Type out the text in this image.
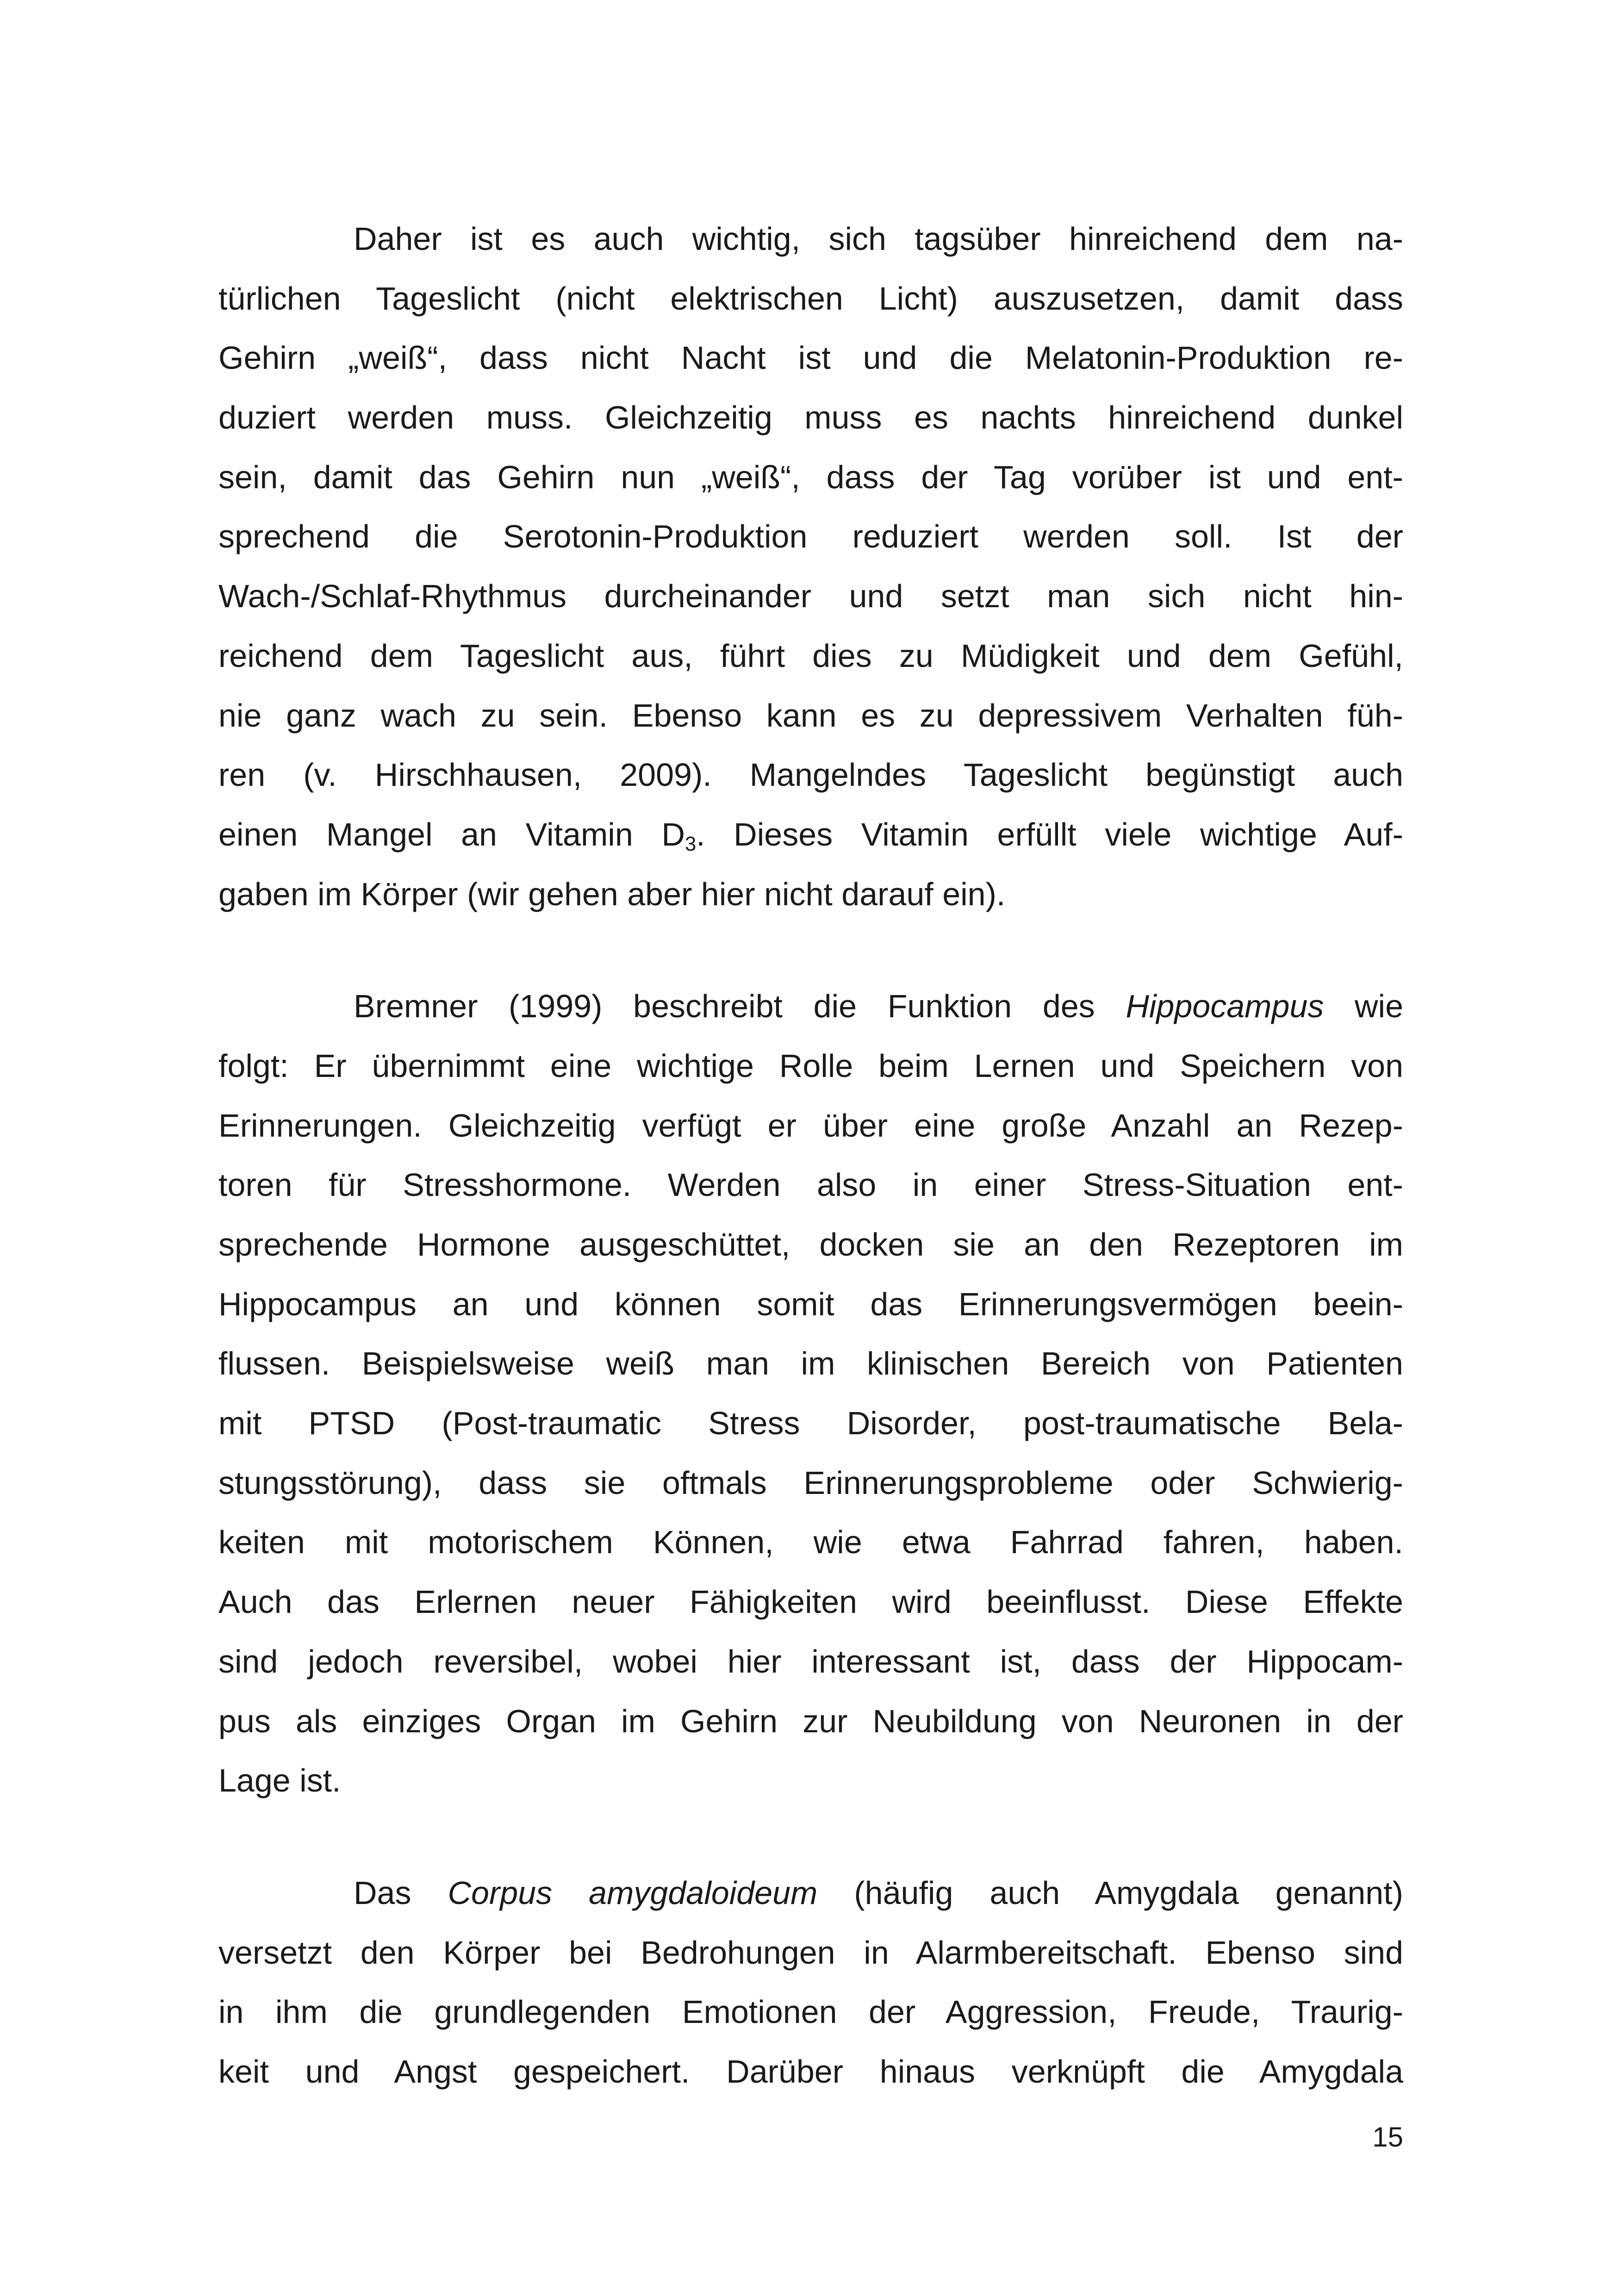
Daher ist es auch wichtig, sich tagsüber hinreichend dem na-
türlichen Tageslicht (nicht elektrischen Licht) auszusetzen, damit dass
Gehirn „weiß“, dass nicht Nacht ist und die Melatonin-Produktion re-
duziert werden muss. Gleichzeitig muss es nachts hinreichend dunkel
sein, damit das Gehirn nun „weiß“, dass der Tag vorüber ist und ent-
sprechend die Serotonin-Produktion reduziert werden soll. Ist der
Wach-/Schlaf-Rhythmus durcheinander und setzt man sich nicht hin-
reichend dem Tageslicht aus, führt dies zu Müdigkeit und dem Gefühl,
nie ganz wach zu sein. Ebenso kann es zu depressivem Verhalten füh-
ren (v. Hirschhausen, 2009). Mangelndes Tageslicht begünstigt auch
einen Mangel an Vitamin $D_3$. Dieses Vitamin erfüllt viele wichtige Auf-
gaben im Körper (wir gehen aber hier nicht darauf ein).

Bremner (1999) beschreibt die Funktion des Hippocampus wie
folgt: Er übernimmt eine wichtige Rolle beim Lernen und Speichern von
Erinnerungen. Gleichzeitig verfügt er über eine große Anzahl an Rezep-
toren für Stresshormone. Werden also in einer Stress-Situation ent-
sprechende Hormone ausgeschüttet, docken sie an den Rezeptoren im
Hippocampus an und können somit das Erinnerungsvermögen beein-
flussen. Beispielsweise weiß man im klinischen Bereich von Patienten
mit PTSD (Post-traumatic Stress Disorder, post-traumatische Bela-
stungsstörung), dass sie oftmals Erinnerungsprobleme oder Schwierig-
keiten mit motorischem Können, wie etwa Fahrrad fahren, haben.
Auch das Erlernen neuer Fähigkeiten wird beeinflusst. Diese Effekte
sind jedoch reversibel, wobei hier interessant ist, dass der Hippocam-
pus als einziges Organ im Gehirn zur Neubildung von Neuronen in der
Lage ist.

Das Corpus amygdaloideum (häufig auch Amygdala genannt)
versetzt den Körper bei Bedrohungen in Alarmbereitschaft. Ebenso sind
in ihm die grundlegenden Emotionen der Aggression, Freude, Traurig-
keit und Angst gespeichert. Darüber hinaus verknüpft die Amygdala

15
